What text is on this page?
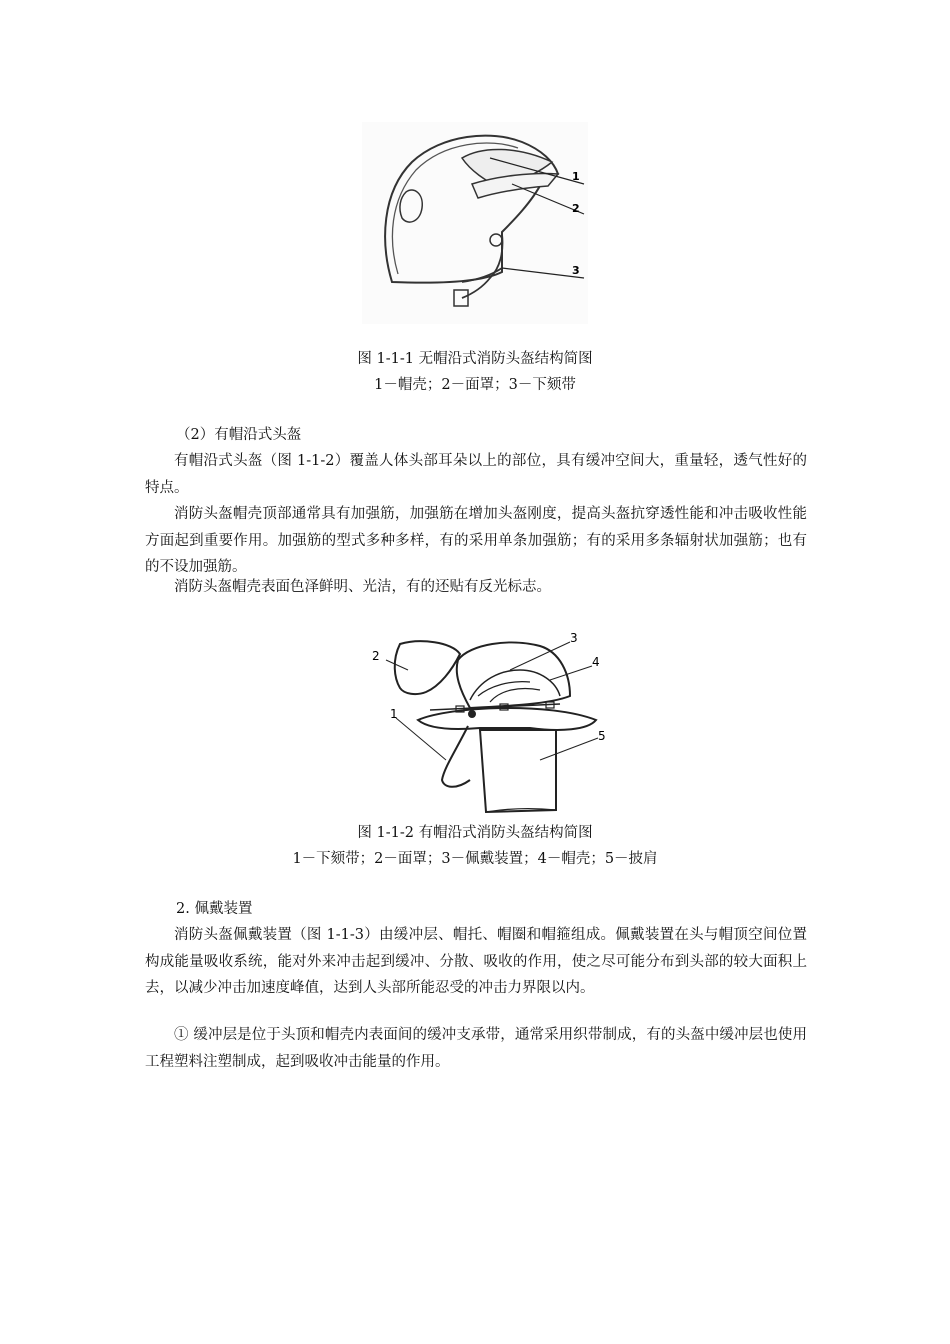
1
2
3
图 1-1-1 无帽沿式消防头盔结构简图
1－帽壳；2－面罩；3－下颏带
（2）有帽沿式头盔

有帽沿式头盔（图 1-1-2）覆盖人体头部耳朵以上的部位，具有缓冲空间大，重量轻，透气性好的特点。

消防头盔帽壳顶部通常具有加强筋，加强筋在增加头盔刚度，提高头盔抗穿透性能和冲击吸收性能方面起到重要作用。加强筋的型式多种多样，有的采用单条加强筋；有的采用多条辐射状加强筋；也有的不设加强筋。

消防头盔帽壳表面色泽鲜明、光洁，有的还贴有反光标志。

2
3
4
1
5
图 1-1-2 有帽沿式消防头盔结构简图
1－下颏带；2－面罩；3－佩戴装置；4－帽壳；5－披肩
2. 佩戴装置

消防头盔佩戴装置（图 1-1-3）由缓冲层、帽托、帽圈和帽箍组成。佩戴装置在头与帽顶空间位置构成能量吸收系统，能对外来冲击起到缓冲、分散、吸收的作用，使之尽可能分布到头部的较大面积上去，以减少冲击加速度峰值，达到人头部所能忍受的冲击力界限以内。

① 缓冲层是位于头顶和帽壳内表面间的缓冲支承带，通常采用织带制成，有的头盔中缓冲层也使用工程塑料注塑制成，起到吸收冲击能量的作用。
